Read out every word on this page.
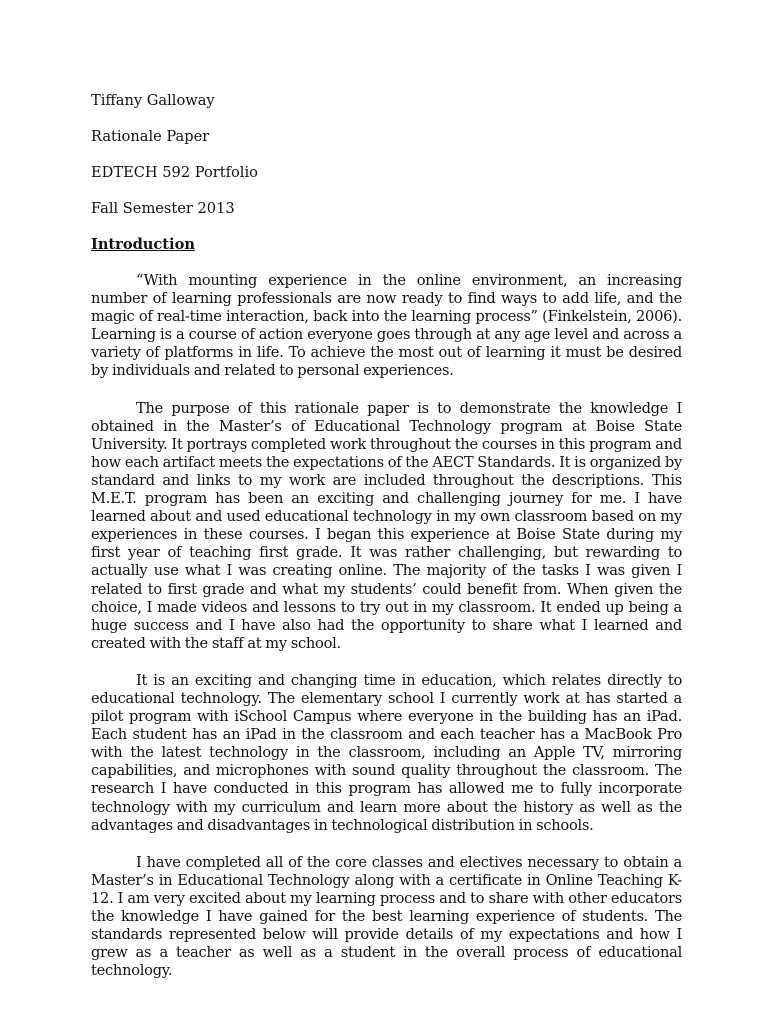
Tiffany Galloway

Rationale Paper

EDTECH 592 Portfolio

Fall Semester 2013

Introduction

“With mounting experience in the online environment, an increasing number of learning professionals are now ready to find ways to add life, and the magic of real-time interaction, back into the learning process” (Finkelstein, 2006). Learning is a course of action everyone goes through at any age level and across a variety of platforms in life. To achieve the most out of learning it must be desired by individuals and related to personal experiences.

The purpose of this rationale paper is to demonstrate the knowledge I obtained in the Master’s of Educational Technology program at Boise State University. It portrays completed work throughout the courses in this program and how each artifact meets the expectations of the AECT Standards. It is organized by standard and links to my work are included throughout the descriptions. This M.E.T. program has been an exciting and challenging journey for me. I have learned about and used educational technology in my own classroom based on my experiences in these courses. I began this experience at Boise State during my first year of teaching first grade. It was rather challenging, but rewarding to actually use what I was creating online. The majority of the tasks I was given I related to first grade and what my students’ could benefit from. When given the choice, I made videos and lessons to try out in my classroom. It ended up being a huge success and I have also had the opportunity to share what I learned and created with the staff at my school.

It is an exciting and changing time in education, which relates directly to educational technology. The elementary school I currently work at has started a pilot program with iSchool Campus where everyone in the building has an iPad. Each student has an iPad in the classroom and each teacher has a MacBook Pro with the latest technology in the classroom, including an Apple TV, mirroring capabilities, and microphones with sound quality throughout the classroom. The research I have conducted in this program has allowed me to fully incorporate technology with my curriculum and learn more about the history as well as the advantages and disadvantages in technological distribution in schools.

I have completed all of the core classes and electives necessary to obtain a Master’s in Educational Technology along with a certificate in Online Teaching K-12. I am very excited about my learning process and to share with other educators the knowledge I have gained for the best learning experience of students. The standards represented below will provide details of my expectations and how I grew as a teacher as well as a student in the overall process of educational technology.
